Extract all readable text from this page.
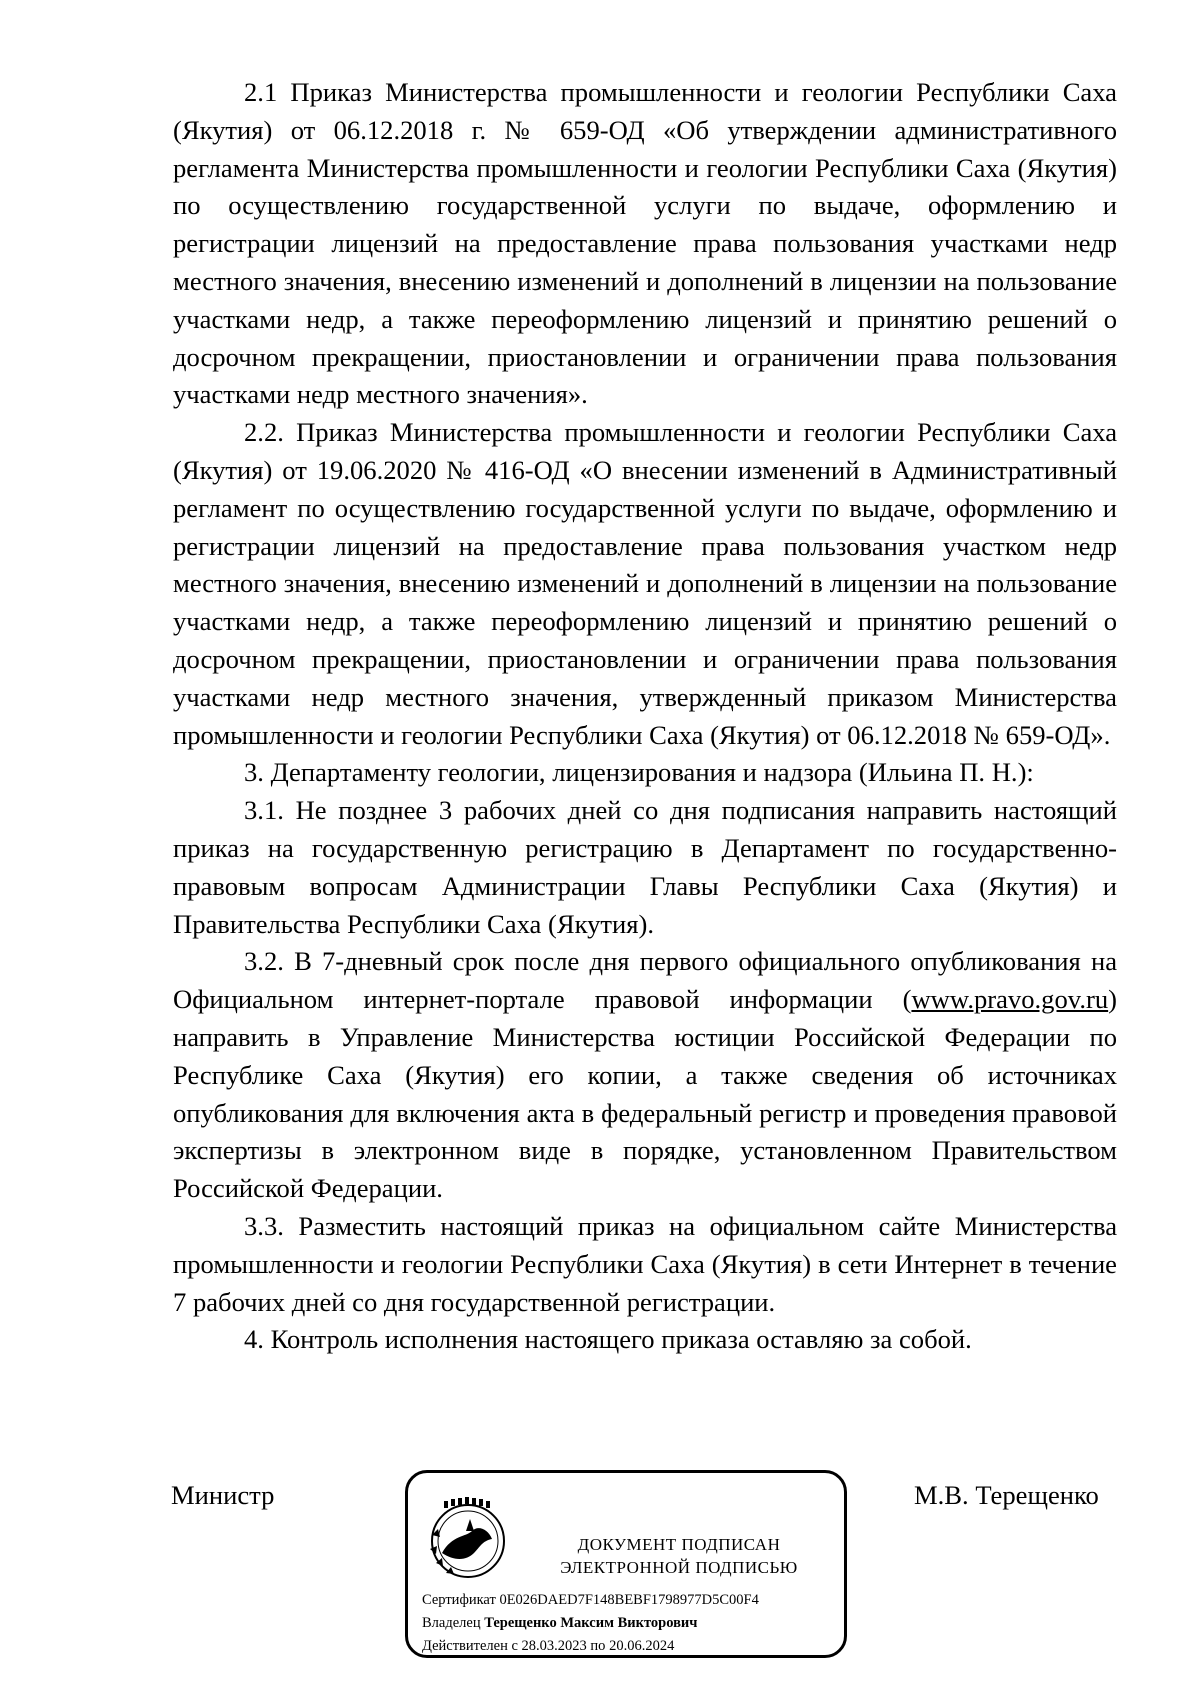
2.1 Приказ Министерства промышленности и геологии Республики Саха (Якутия) от 06.12.2018 г. № 659-ОД «Об утверждении административного регламента Министерства промышленности и геологии Республики Саха (Якутия) по осуществлению государственной услуги по выдаче, оформлению и регистрации лицензий на предоставление права пользования участками недр местного значения, внесению изменений и дополнений в лицензии на пользование участками недр, а также переоформлению лицензий и принятию решений о досрочном прекращении, приостановлении и ограничении права пользования участками недр местного значения».

2.2. Приказ Министерства промышленности и геологии Республики Саха (Якутия) от 19.06.2020 № 416-ОД «О внесении изменений в Административный регламент по осуществлению государственной услуги по выдаче, оформлению и регистрации лицензий на предоставление права пользования участком недр местного значения, внесению изменений и дополнений в лицензии на пользование участками недр, а также переоформлению лицензий и принятию решений о досрочном прекращении, приостановлении и ограничении права пользования участками недр местного значения, утвержденный приказом Министерства промышленности и геологии Республики Саха (Якутия) от 06.12.2018 № 659-ОД».

3. Департаменту геологии, лицензирования и надзора (Ильина П. Н.):

3.1. Не позднее 3 рабочих дней со дня подписания направить настоящий приказ на государственную регистрацию в Департамент по государственно-правовым вопросам Администрации Главы Республики Саха (Якутия) и Правительства Республики Саха (Якутия).

3.2. В 7-дневный срок после дня первого официального опубликования на Официальном интернет-портале правовой информации (www.pravo.gov.ru) направить в Управление Министерства юстиции Российской Федерации по Республике Саха (Якутия) его копии, а также сведения об источниках опубликования для включения акта в федеральный регистр и проведения правовой экспертизы в электронном виде в порядке, установленном Правительством Российской Федерации.

3.3. Разместить настоящий приказ на официальном сайте Министерства промышленности и геологии Республики Саха (Якутия) в сети Интернет в течение 7 рабочих дней со дня государственной регистрации.

4. Контроль исполнения настоящего приказа оставляю за собой.

Министр
ДОКУМЕНТ ПОДПИСАН
ЭЛЕКТРОННОЙ ПОДПИСЬЮ
Сертификат 0E026DAED7F148BEBF1798977D5C00F4
Владелец Терещенко Максим Викторович
Действителен с 28.03.2023 по 20.06.2024
М.В. Терещенко
